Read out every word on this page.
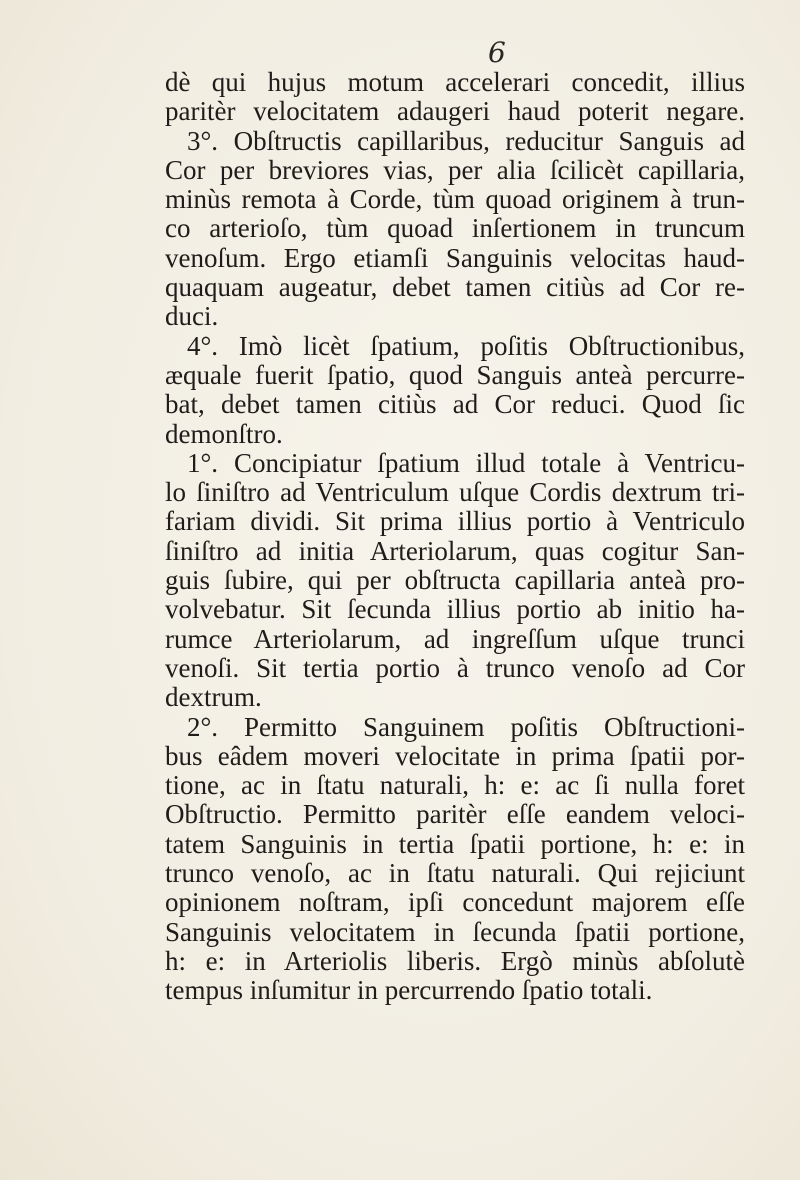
6
dè qui hujus motum accelerari concedit, illius
paritèr velocitatem adaugeri haud poterit negare.
3°. Obſtructis capillaribus, reducitur Sanguis ad
Cor per breviores vias, per alia ſcilicèt capillaria,
minùs remota à Corde, tùm quoad originem à trun-
co arterioſo, tùm quoad inſertionem in truncum
venoſum. Ergo etiamſi Sanguinis velocitas haud-
quaquam augeatur, debet tamen citiùs ad Cor re-
duci.
4°. Imò licèt ſpatium, poſitis Obſtructionibus,
æquale fuerit ſpatio, quod Sanguis anteà percurre-
bat, debet tamen citiùs ad Cor reduci. Quod ſic
demonſtro.
1°. Concipiatur ſpatium illud totale à Ventricu-
lo ſiniſtro ad Ventriculum uſque Cordis dextrum tri-
fariam dividi. Sit prima illius portio à Ventriculo
ſiniſtro ad initia Arteriolarum, quas cogitur San-
guis ſubire, qui per obſtructa capillaria anteà pro-
volvebatur. Sit ſecunda illius portio ab initio ha-
rumce Arteriolarum, ad ingreſſum uſque trunci
venoſi. Sit tertia portio à trunco venoſo ad Cor
dextrum.
2°. Permitto Sanguinem poſitis Obſtructioni-
bus eâdem moveri velocitate in prima ſpatii por-
tione, ac in ſtatu naturali, h: e: ac ſi nulla foret
Obſtructio. Permitto paritèr eſſe eandem veloci-
tatem Sanguinis in tertia ſpatii portione, h: e: in
trunco venoſo, ac in ſtatu naturali. Qui rejiciunt
opinionem noſtram, ipſi concedunt majorem eſſe
Sanguinis velocitatem in ſecunda ſpatii portione,
h: e: in Arteriolis liberis. Ergò minùs abſolutè
tempus inſumitur in percurrendo ſpatio totali.
